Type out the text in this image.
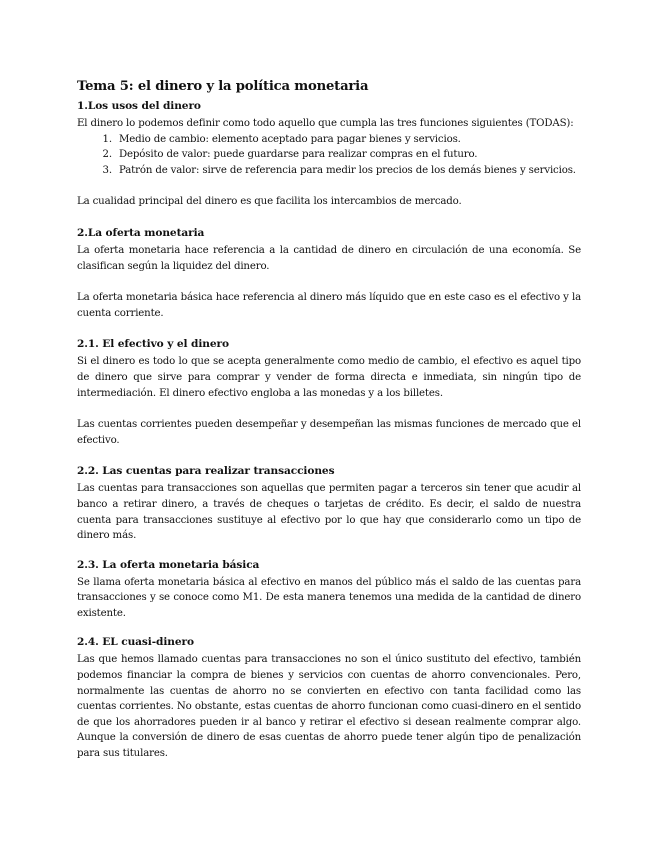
Tema 5: el dinero y la política monetaria
1.Los usos del dinero

El dinero lo podemos definir como todo aquello que cumpla las tres funciones siguientes (TODAS):

1. Medio de cambio: elemento aceptado para pagar bienes y servicios.
2. Depósito de valor: puede guardarse para realizar compras en el futuro.
3. Patrón de valor: sirve de referencia para medir los precios de los demás bienes y servicios.

La cualidad principal del dinero es que facilita los intercambios de mercado.

2.La oferta monetaria

La oferta monetaria hace referencia a la cantidad de dinero en circulación de una economía. Se clasifican según la liquidez del dinero.

La oferta monetaria básica hace referencia al dinero más líquido que en este caso es el efectivo y la cuenta corriente.

2.1. El efectivo y el dinero

Si el dinero es todo lo que se acepta generalmente como medio de cambio, el efectivo es aquel tipo de dinero que sirve para comprar y vender de forma directa e inmediata, sin ningún tipo de intermediación. El dinero efectivo engloba a las monedas y a los billetes.

Las cuentas corrientes pueden desempeñar y desempeñan las mismas funciones de mercado que el efectivo.

2.2. Las cuentas para realizar transacciones

Las cuentas para transacciones son aquellas que permiten pagar a terceros sin tener que acudir al banco a retirar dinero, a través de cheques o tarjetas de crédito. Es decir, el saldo de nuestra cuenta para transacciones sustituye al efectivo por lo que hay que considerarlo como un tipo de dinero más.

2.3. La oferta monetaria básica

Se llama oferta monetaria básica al efectivo en manos del público más el saldo de las cuentas para transacciones y se conoce como M1. De esta manera tenemos una medida de la cantidad de dinero existente.

2.4. EL cuasi-dinero

Las que hemos llamado cuentas para transacciones no son el único sustituto del efectivo, también podemos financiar la compra de bienes y servicios con cuentas de ahorro convencionales. Pero, normalmente las cuentas de ahorro no se convierten en efectivo con tanta facilidad como las cuentas corrientes. No obstante, estas cuentas de ahorro funcionan como cuasi-dinero en el sentido de que los ahorradores pueden ir al banco y retirar el efectivo si desean realmente comprar algo. Aunque la conversión de dinero de esas cuentas de ahorro puede tener algún tipo de penalización para sus titulares.
